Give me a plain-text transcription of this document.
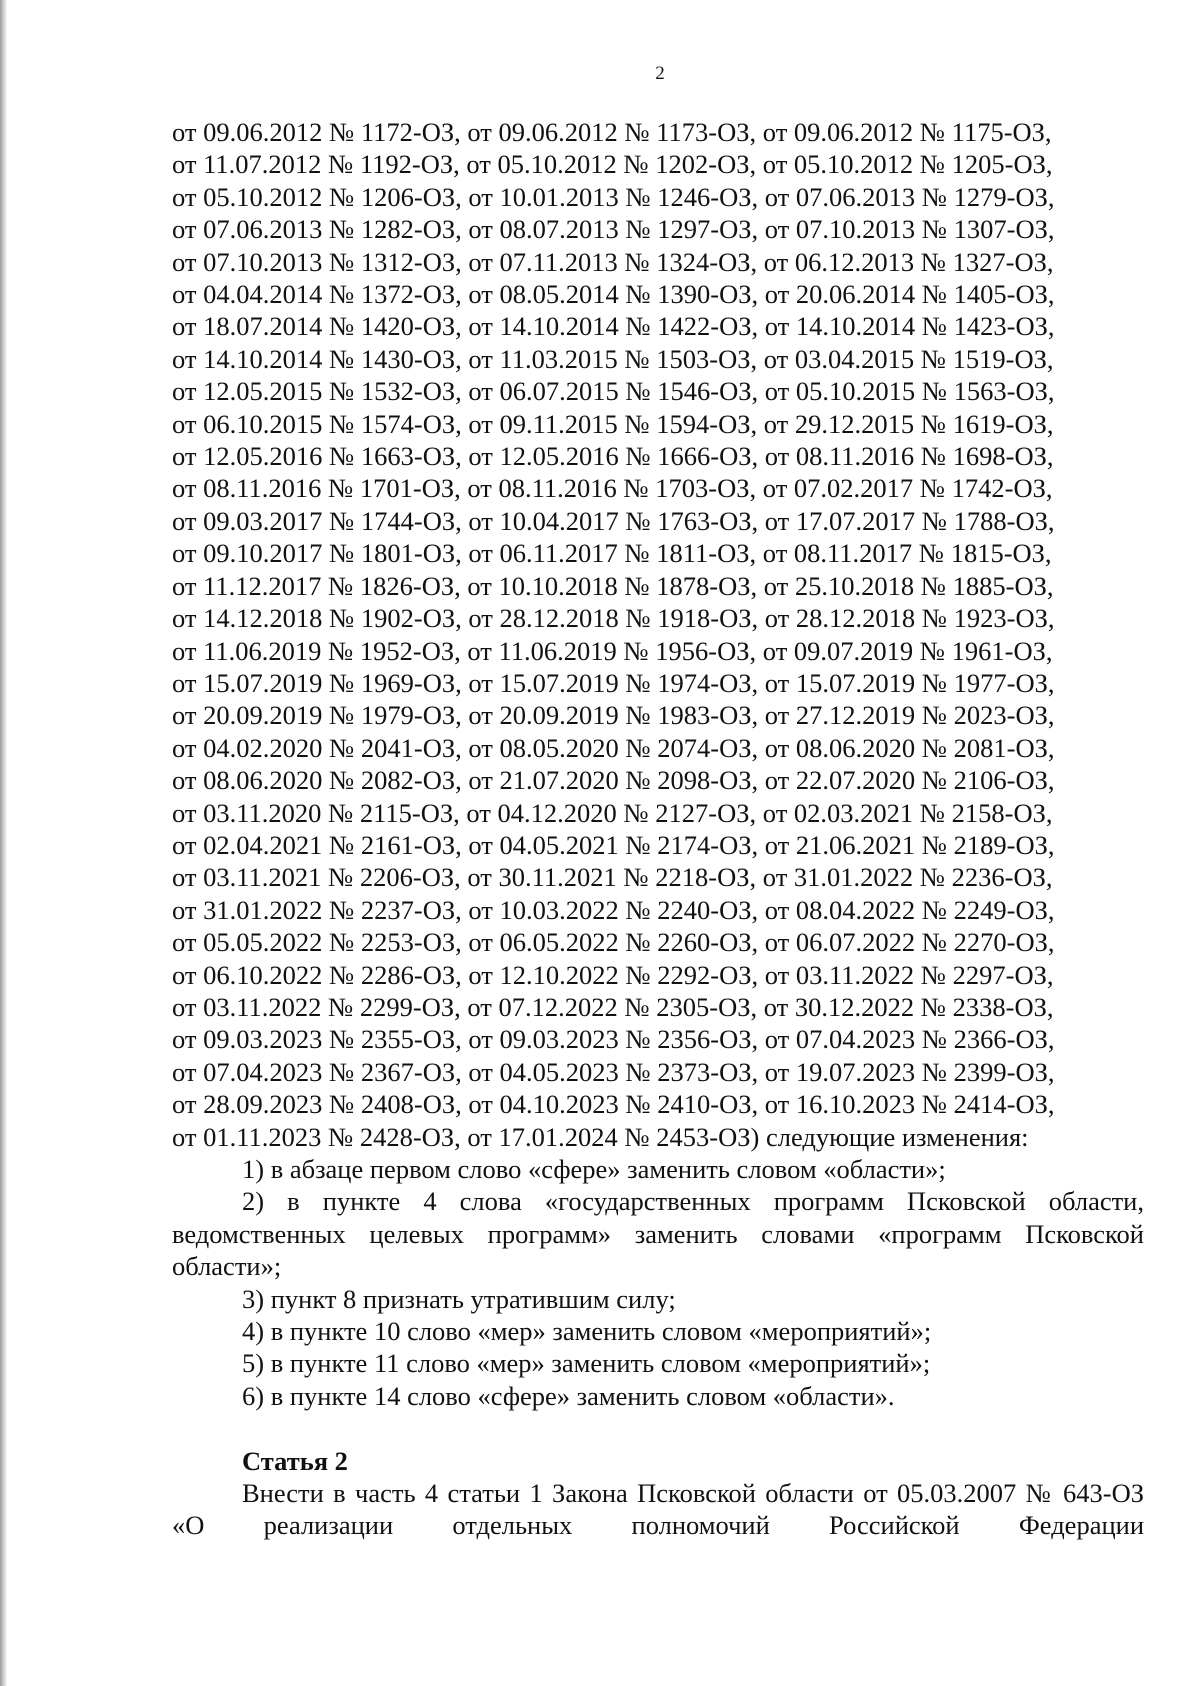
2

от 09.06.2012 № 1172-ОЗ, от 09.06.2012 № 1173-ОЗ, от 09.06.2012 № 1175-ОЗ,

от 11.07.2012 № 1192-ОЗ, от 05.10.2012 № 1202-ОЗ, от 05.10.2012 № 1205-ОЗ,

от 05.10.2012 № 1206-ОЗ, от 10.01.2013 № 1246-ОЗ, от 07.06.2013 № 1279-ОЗ,

от 07.06.2013 № 1282-ОЗ, от 08.07.2013 № 1297-ОЗ, от 07.10.2013 № 1307-ОЗ,

от 07.10.2013 № 1312-ОЗ, от 07.11.2013 № 1324-ОЗ, от 06.12.2013 № 1327-ОЗ,

от 04.04.2014 № 1372-ОЗ, от 08.05.2014 № 1390-ОЗ, от 20.06.2014 № 1405-ОЗ,

от 18.07.2014 № 1420-ОЗ, от 14.10.2014 № 1422-ОЗ, от 14.10.2014 № 1423-ОЗ,

от 14.10.2014 № 1430-ОЗ, от 11.03.2015 № 1503-ОЗ, от 03.04.2015 № 1519-ОЗ,

от 12.05.2015 № 1532-ОЗ, от 06.07.2015 № 1546-ОЗ, от 05.10.2015 № 1563-ОЗ,

от 06.10.2015 № 1574-ОЗ, от 09.11.2015 № 1594-ОЗ, от 29.12.2015 № 1619-ОЗ,

от 12.05.2016 № 1663-ОЗ, от 12.05.2016 № 1666-ОЗ, от 08.11.2016 № 1698-ОЗ,

от 08.11.2016 № 1701-ОЗ, от 08.11.2016 № 1703-ОЗ, от 07.02.2017 № 1742-ОЗ,

от 09.03.2017 № 1744-ОЗ, от 10.04.2017 № 1763-ОЗ, от 17.07.2017 № 1788-ОЗ,

от 09.10.2017 № 1801-ОЗ, от 06.11.2017 № 1811-ОЗ, от 08.11.2017 № 1815-ОЗ,

от 11.12.2017 № 1826-ОЗ, от 10.10.2018 № 1878-ОЗ, от 25.10.2018 № 1885-ОЗ,

от 14.12.2018 № 1902-ОЗ, от 28.12.2018 № 1918-ОЗ, от 28.12.2018 № 1923-ОЗ,

от 11.06.2019 № 1952-ОЗ, от 11.06.2019 № 1956-ОЗ, от 09.07.2019 № 1961-ОЗ,

от 15.07.2019 № 1969-ОЗ, от 15.07.2019 № 1974-ОЗ, от 15.07.2019 № 1977-ОЗ,

от 20.09.2019 № 1979-ОЗ, от 20.09.2019 № 1983-ОЗ, от 27.12.2019 № 2023-ОЗ,

от 04.02.2020 № 2041-ОЗ, от 08.05.2020 № 2074-ОЗ, от 08.06.2020 № 2081-ОЗ,

от 08.06.2020 № 2082-ОЗ, от 21.07.2020 № 2098-ОЗ, от 22.07.2020 № 2106-ОЗ,

от 03.11.2020 № 2115-ОЗ, от 04.12.2020 № 2127-ОЗ, от 02.03.2021 № 2158-ОЗ,

от 02.04.2021 № 2161-ОЗ, от 04.05.2021 № 2174-ОЗ, от 21.06.2021 № 2189-ОЗ,

от 03.11.2021 № 2206-ОЗ, от 30.11.2021 № 2218-ОЗ, от 31.01.2022 № 2236-ОЗ,

от 31.01.2022 № 2237-ОЗ, от 10.03.2022 № 2240-ОЗ, от 08.04.2022 № 2249-ОЗ,

от 05.05.2022 № 2253-ОЗ, от 06.05.2022 № 2260-ОЗ, от 06.07.2022 № 2270-ОЗ,

от 06.10.2022 № 2286-ОЗ, от 12.10.2022 № 2292-ОЗ, от 03.11.2022 № 2297-ОЗ,

от 03.11.2022 № 2299-ОЗ, от 07.12.2022 № 2305-ОЗ, от 30.12.2022 № 2338-ОЗ,

от 09.03.2023 № 2355-ОЗ, от 09.03.2023 № 2356-ОЗ, от 07.04.2023 № 2366-ОЗ,

от 07.04.2023 № 2367-ОЗ, от 04.05.2023 № 2373-ОЗ, от 19.07.2023 № 2399-ОЗ,

от 28.09.2023 № 2408-ОЗ, от 04.10.2023 № 2410-ОЗ, от 16.10.2023 № 2414-ОЗ,

от 01.11.2023 № 2428-ОЗ, от 17.01.2024 № 2453-ОЗ) следующие изменения:

1) в абзаце первом слово «сфере» заменить словом «области»;

2) в пункте 4 слова «государственных программ Псковской области, ведомственных целевых программ» заменить словами «программ Псковской области»;

3) пункт 8 признать утратившим силу;

4) в пункте 10 слово «мер» заменить словом «мероприятий»;

5) в пункте 11 слово «мер» заменить словом «мероприятий»;

6) в пункте 14 слово «сфере» заменить словом «области».

Статья 2

Внести в часть 4 статьи 1 Закона Псковской области от 05.03.2007 № 643-ОЗ «О реализации отдельных полномочий Российской Федерации
